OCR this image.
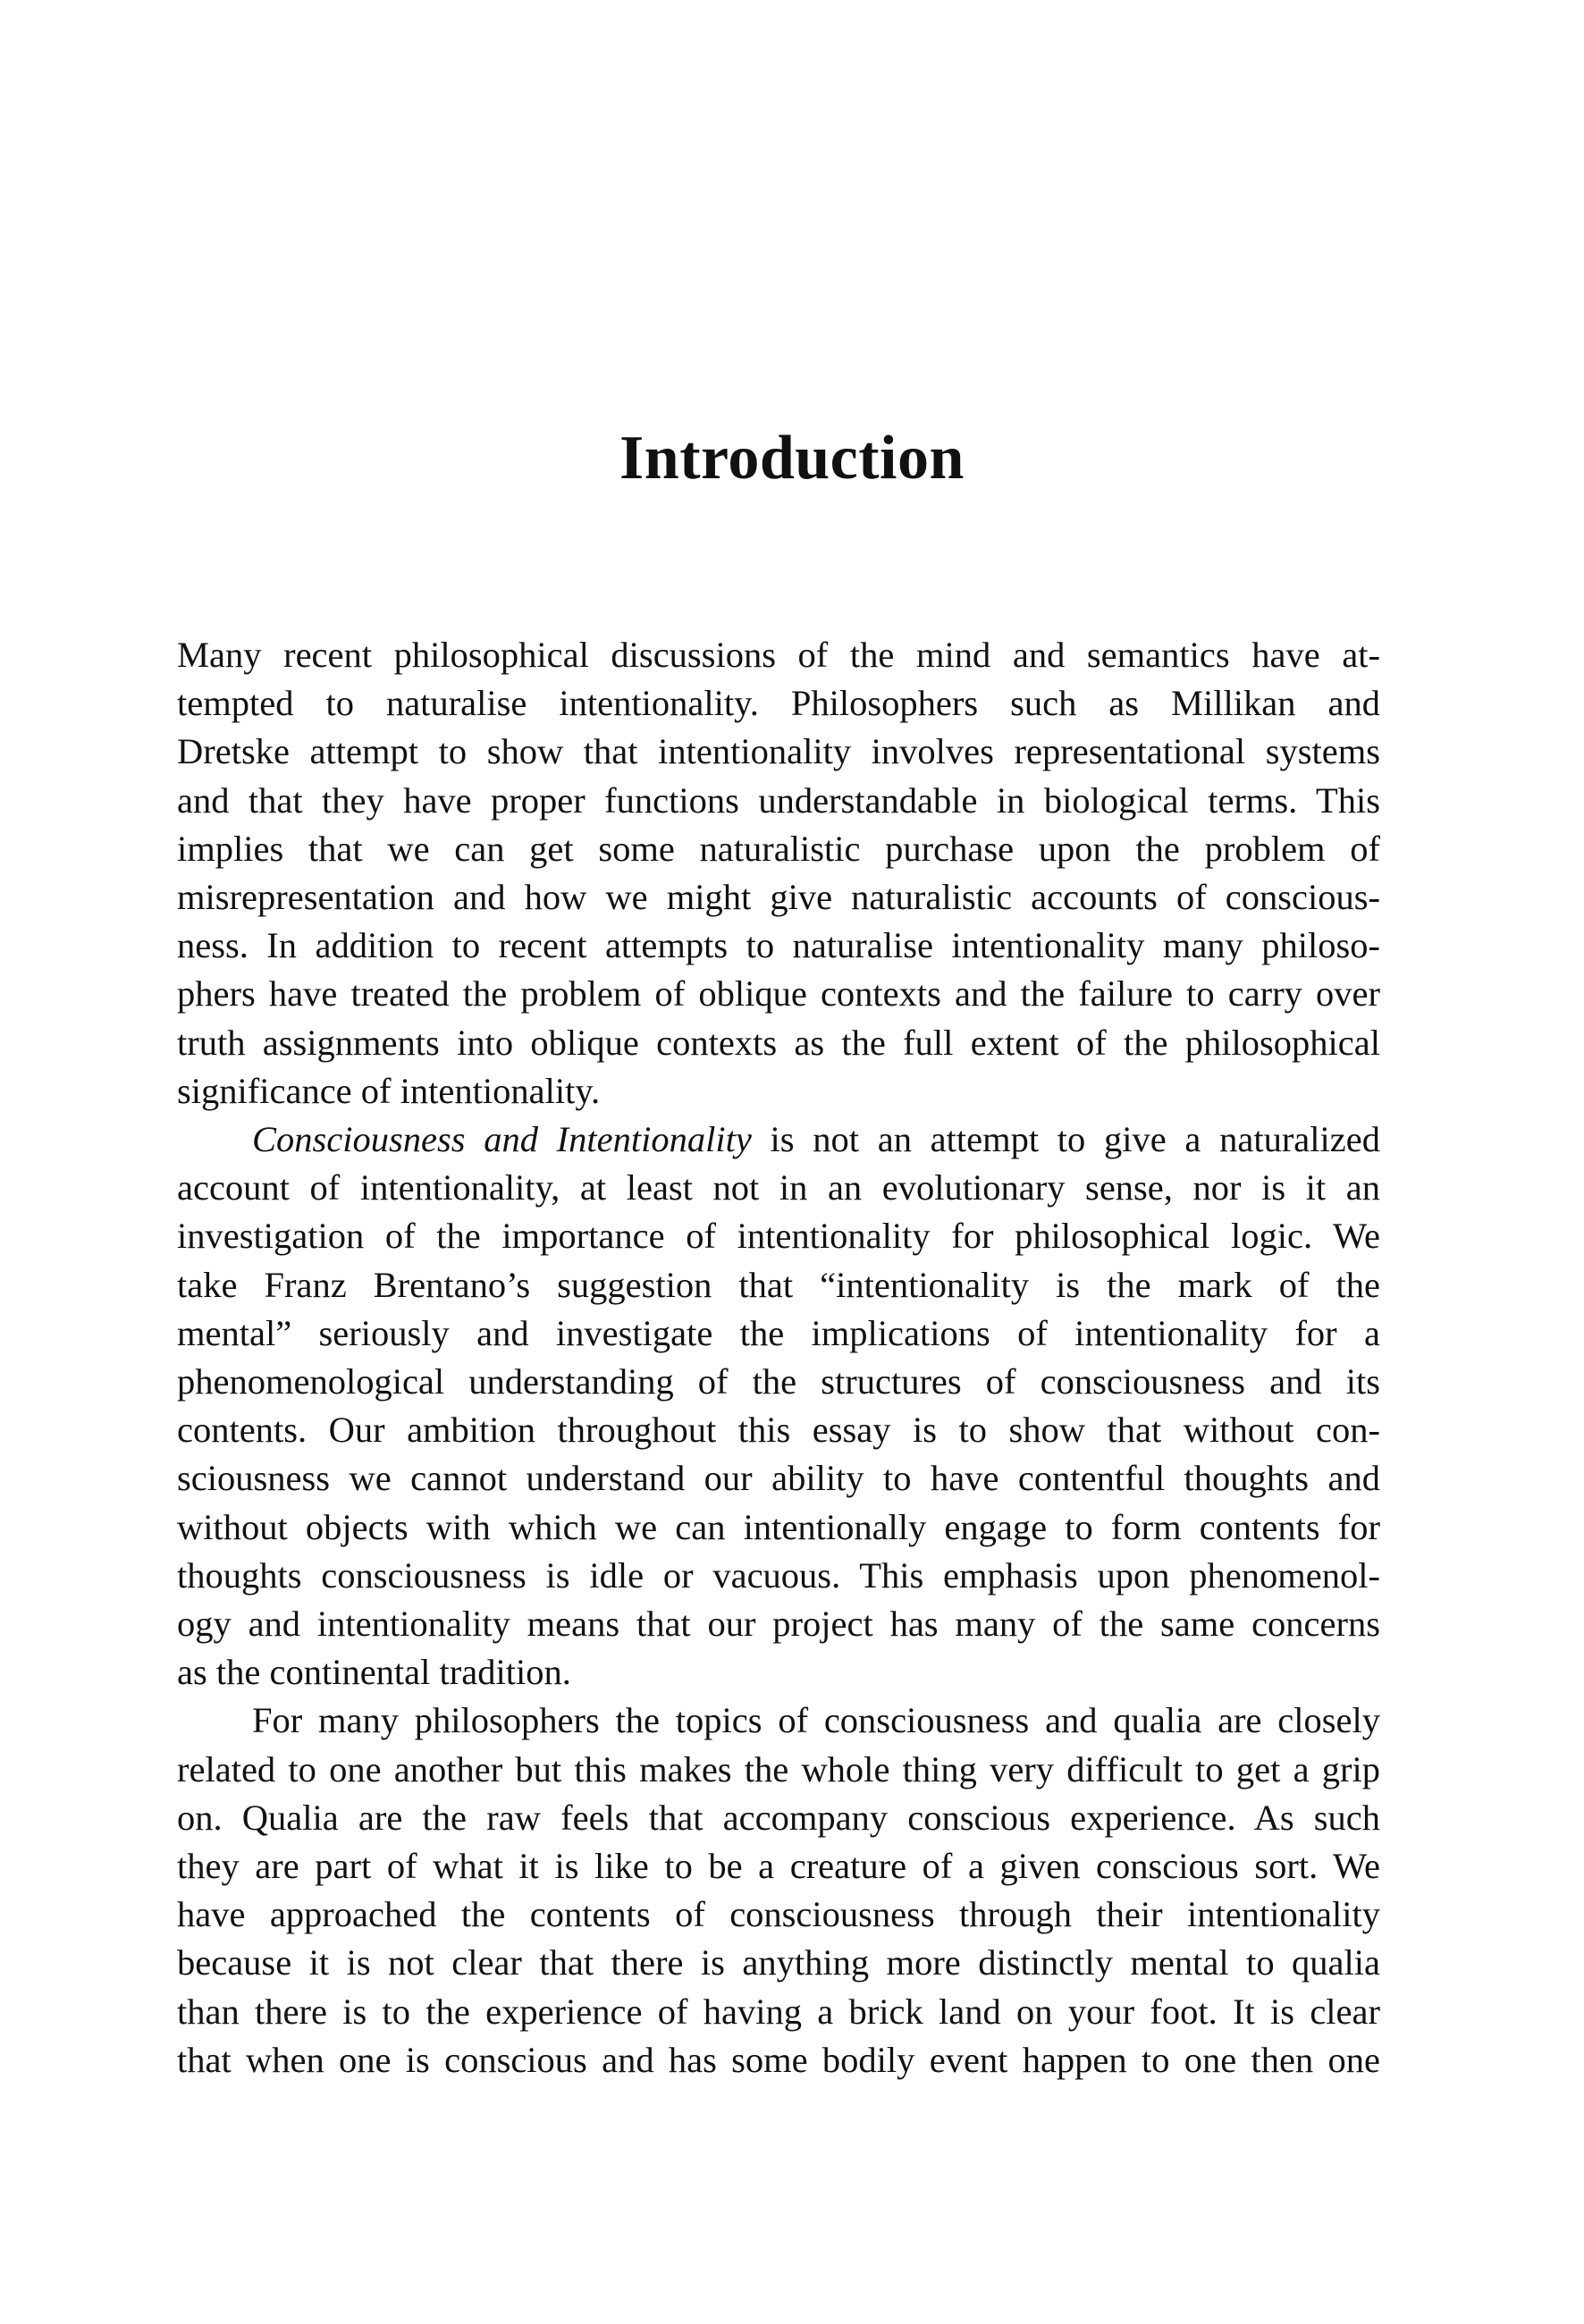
Introduction

Many recent philosophical discussions of the mind and semantics have at-
tempted to naturalise intentionality. Philosophers such as Millikan and
Dretske attempt to show that intentionality involves representational systems
and that they have proper functions understandable in biological terms. This
implies that we can get some naturalistic purchase upon the problem of
misrepresentation and how we might give naturalistic accounts of conscious-
ness. In addition to recent attempts to naturalise intentionality many philoso-
phers have treated the problem of oblique contexts and the failure to carry over
truth assignments into oblique contexts as the full extent of the philosophical
significance of intentionality.

Consciousness and Intentionality is not an attempt to give a naturalized
account of intentionality, at least not in an evolutionary sense, nor is it an
investigation of the importance of intentionality for philosophical logic. We
take Franz Brentano’s suggestion that “intentionality is the mark of the
mental” seriously and investigate the implications of intentionality for a
phenomenological understanding of the structures of consciousness and its
contents. Our ambition throughout this essay is to show that without con-
sciousness we cannot understand our ability to have contentful thoughts and
without objects with which we can intentionally engage to form contents for
thoughts consciousness is idle or vacuous. This emphasis upon phenomenol-
ogy and intentionality means that our project has many of the same concerns
as the continental tradition.

For many philosophers the topics of consciousness and qualia are closely
related to one another but this makes the whole thing very difficult to get a grip
on. Qualia are the raw feels that accompany conscious experience. As such
they are part of what it is like to be a creature of a given conscious sort. We
have approached the contents of consciousness through their intentionality
because it is not clear that there is anything more distinctly mental to qualia
than there is to the experience of having a brick land on your foot. It is clear
that when one is conscious and has some bodily event happen to one then one
